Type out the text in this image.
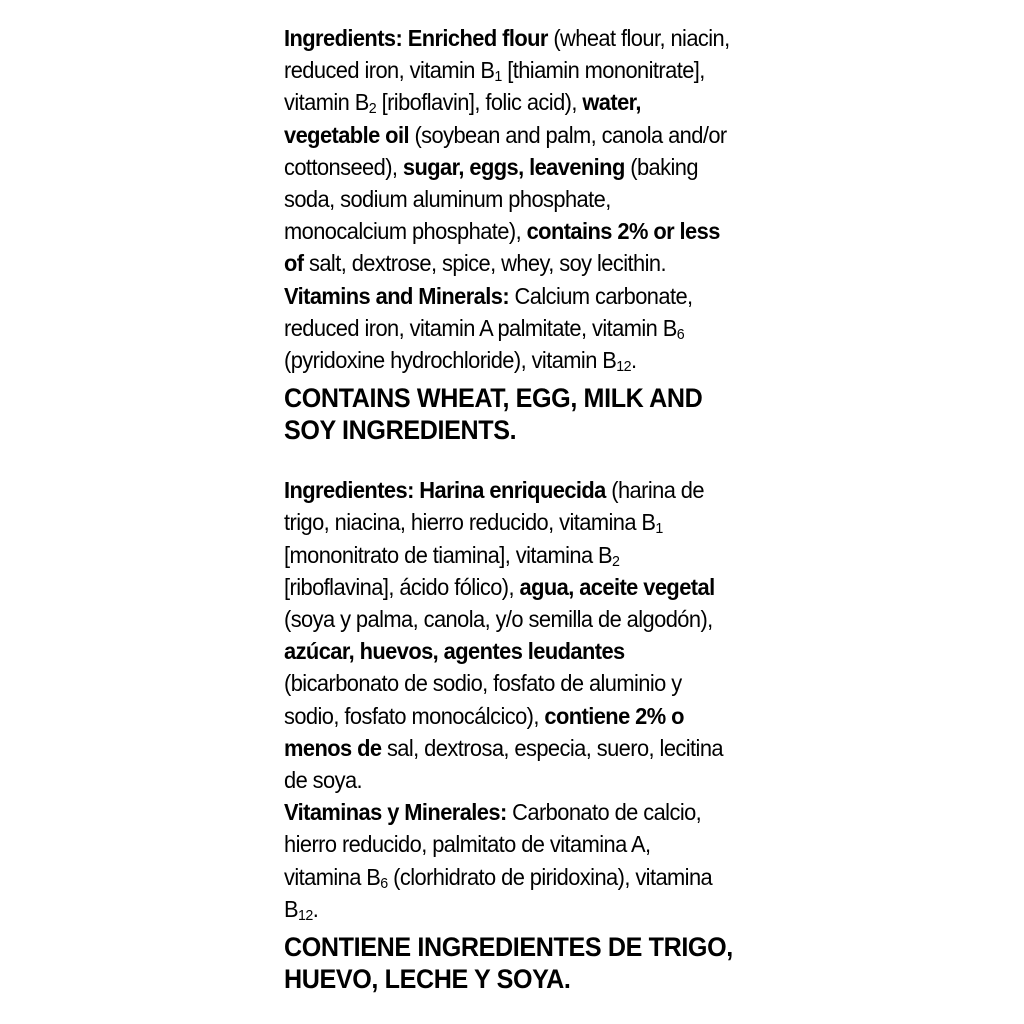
Ingredients: Enriched flour (wheat flour, niacin, reduced iron, vitamin $B_1$ [thiamin mononitrate], vitamin $B_2$ [riboflavin], folic acid), water, vegetable oil (soybean and palm, canola and/or cottonseed), sugar, eggs, leavening (baking soda, sodium aluminum phosphate, monocalcium phosphate), contains 2% or less of salt, dextrose, spice, whey, soy lecithin.

Vitamins and Minerals: Calcium carbonate, reduced iron, vitamin A palmitate, vitamin $B_6$ (pyridoxine hydrochloride), vitamin $B_{12}$.

CONTAINS WHEAT, EGG, MILK AND SOY INGREDIENTS.

Ingredientes: Harina enriquecida (harina de trigo, niacina, hierro reducido, vitamina $B_1$ [mononitrato de tiamina], vitamina $B_2$ [riboflavina], ácido fólico), agua, aceite vegetal (soya y palma, canola, y/o semilla de algodón), azúcar, huevos, agentes leudantes (bicarbonato de sodio, fosfato de aluminio y sodio, fosfato monocálcico), contiene 2% o menos de sal, dextrosa, especia, suero, lecitina de soya.

Vitaminas y Minerales: Carbonato de calcio, hierro reducido, palmitato de vitamina A, vitamina $B_6$ (clorhidrato de piridoxina), vitamina $B_{12}$.

CONTIENE INGREDIENTES DE TRIGO, HUEVO, LECHE Y SOYA.
